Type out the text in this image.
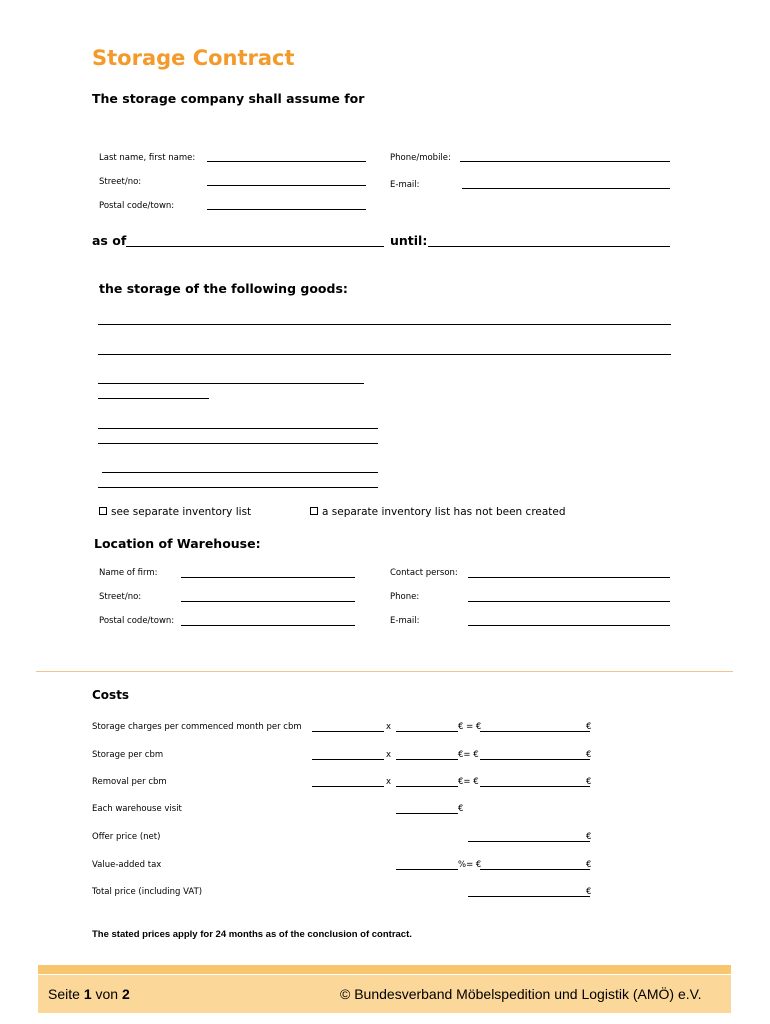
Storage Contract
The storage company shall assume for
Last name, first name:
Street/no:
Postal code/town:
Phone/mobile:
E-mail:
as of	until:
the storage of the following goods:
see separate inventory list	a separate inventory list has not been created
Location of Warehouse:
Name of firm:
Street/no:
Postal code/town:
Contact person:
Phone:
E-mail:
Costs
Storage charges per commenced month per cbm	x	€ = €	€
Storage per cbm	x	€= €	€
Removal per cbm	x	€= €	€
Each warehouse visit	€
Offer price (net)	€
Value-added tax	%= €	€
Total price (including VAT)	€
The stated prices apply for 24 months as of the conclusion of contract.
Seite 1 von 2	© Bundesverband Möbelspedition und Logistik (AMÖ) e.V.
